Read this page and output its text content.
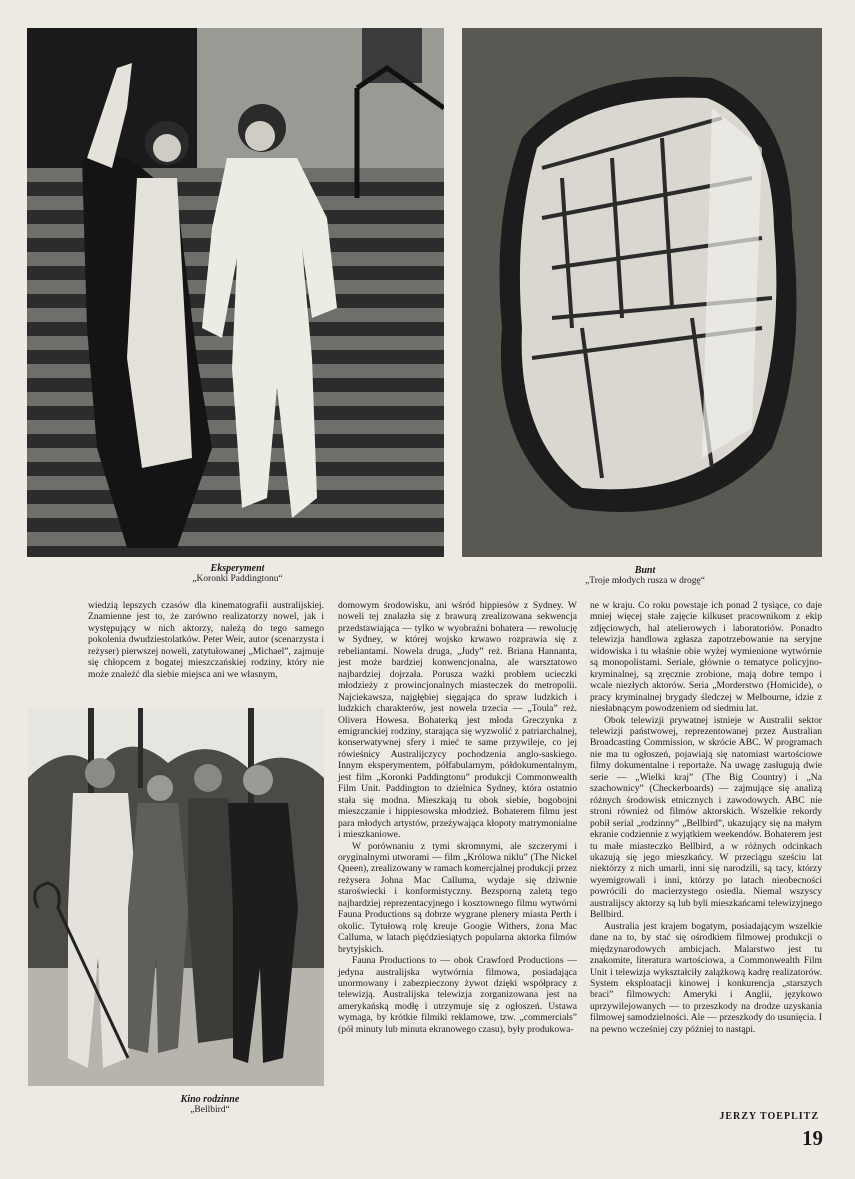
Eksperyment
„Koronki Paddingtonu“
Bunt
„Troje młodych rusza w drogę“
Kino rodzinne
„Bellbird“

wiedzią lepszych czasów dla kinematografii australijskiej. Znamienne jest to, że zarówno realizatorzy nowel, jak i występujący w nich aktorzy, należą do tego samego pokolenia dwudziestolatków. Peter Weir, autor (scenarzysta i reżyser) pierwszej noweli, zatytułowanej „Michael”, zajmuje się chłopcem z bogatej mieszczańskiej rodziny, który nie może znaleźć dla siebie miejsca ani we własnym,

domowym środowisku, ani wśród hippiesów z Sydney. W noweli tej znalazła się z brawurą zrealizowana sekwencja przedstawiająca — tylko w wyobraźni bohatera — rewolucję w Sydney, w której wojsko krwawo rozprawia się z rebeliantami. Nowela druga, „Judy” reż. Briana Hannanta, jest może bardziej konwencjonalna, ale warsztatowo najbardziej dojrzała. Porusza ważki problem ucieczki młodzieży z prowincjonalnych miasteczek do metropolii. Najciekawsza, najgłębiej sięgająca do spraw ludzkich i ludzkich charakterów, jest nowela trzecia — „Toula” reż. Olivera Howesa. Bohaterką jest młoda Greczynka z emigranckiej rodziny, starająca się wyzwolić z patriarchalnej, konserwatywnej sfery i mieć te same przywileje, co jej rówieśnicy Australijczycy pochodzenia anglo-saskiego. Innym eksperymentem, półfabularnym, półdokumentalnym, jest film „Koronki Paddingtonu” produkcji Commonwealth Film Unit. Paddington to dzielnica Sydney, która ostatnio stała się modna. Mieszkają tu obok siebie, bogobojni mieszczanie i hippiesowska młodzież. Bohaterem filmu jest para młodych artystów, przeżywająca kłopoty matrymonialne i mieszkaniowe.

W porównaniu z tymi skromnymi, ale szczerymi i oryginalnymi utworami — film „Królowa niklu” (The Nickel Queen), zrealizowany w ramach komercjalnej produkcji przez reżysera Johna Mac Calluma, wydaje się dziwnie staroświecki i konformistyczny. Bezsporną zaletą tego najbardziej reprezentacyjnego i kosztownego filmu wytwórni Fauna Productions są dobrze wygrane plenery miasta Perth i okolic. Tytułową rolę kreuje Googie Withers, żona Mac Calluma, w latach pięćdziesiątych popularna aktorka filmów brytyjskich.

Fauna Productions to — obok Crawford Productions — jedyna australijska wytwórnia filmowa, posiadająca unormowany i zabezpieczony żywot dzięki współpracy z telewizją. Australijska telewizja zorganizowana jest na amerykańską modłę i utrzymuje się z ogłoszeń. Ustawa wymaga, by krótkie filmiki reklamowe, tzw. „commercials” (pół minuty lub minuta ekranowego czasu), były produkowa-

ne w kraju. Co roku powstaje ich ponad 2 tysiące, co daje mniej więcej stałe zajęcie kilkuset pracownikom z ekip zdjęciowych, hal atelierowych i laboratoriów. Ponadto telewizja handlowa zgłasza zapotrzebowanie na seryjne widowiska i tu właśnie obie wyżej wymienione wytwórnie są monopolistami. Seriale, głównie o tematyce policyjno-kryminalnej, są zręcznie zrobione, mają dobre tempo i wcale niezłych aktorów. Seria „Morderstwo (Homicide), o pracy kryminalnej brygady śledczej w Melbourne, idzie z niesłabnącym powodzeniem od siedmiu lat.

Obok telewizji prywatnej istnieje w Australii sektor telewizji państwowej, reprezentowanej przez Australian Broadcasting Commission, w skrócie ABC. W programach nie ma tu ogłoszeń, pojawiają się natomiast wartościowe filmy dokumentalne i reportaże. Na uwagę zasługują dwie serie — „Wielki kraj” (The Big Country) i „Na szachownicy” (Checkerboards) — zajmujące się analizą różnych środowisk etnicznych i zawodowych. ABC nie stroni również od filmów aktorskich. Wszelkie rekordy pobił serial „rodzinny” „Bellbird”, ukazujący się na małym ekranie codziennie z wyjątkiem weekendów. Bohaterem jest tu małe miasteczko Bellbird, a w różnych odcinkach ukazują się jego mieszkańcy. W przeciągu sześciu lat niektórzy z nich umarli, inni się narodzili, są tacy, którzy wyemigrowali i inni, którzy po latach nieobecności powrócili do macierzystego osiedla. Niemal wszyscy australijscy aktorzy są lub byli mieszkańcami telewizyjnego Bellbird.

Australia jest krajem bogatym, posiadającym wszelkie dane na to, by stać się ośrodkiem filmowej produkcji o międzynarodowych ambicjach. Malarstwo jest tu znakomite, literatura wartościowa, a Commonwealth Film Unit i telewizja wykształciły zalążkową kadrę realizatorów. System eksploatacji kinowej i konkurencja „starszych braci” filmowych: Ameryki i Anglii, językowo uprzywilejowanych — to przeszkody na drodze uzyskania filmowej samodzielności. Ale — przeszkody do usunięcia. I na pewno wcześniej czy później to nastąpi.

JERZY TOEPLITZ
19
